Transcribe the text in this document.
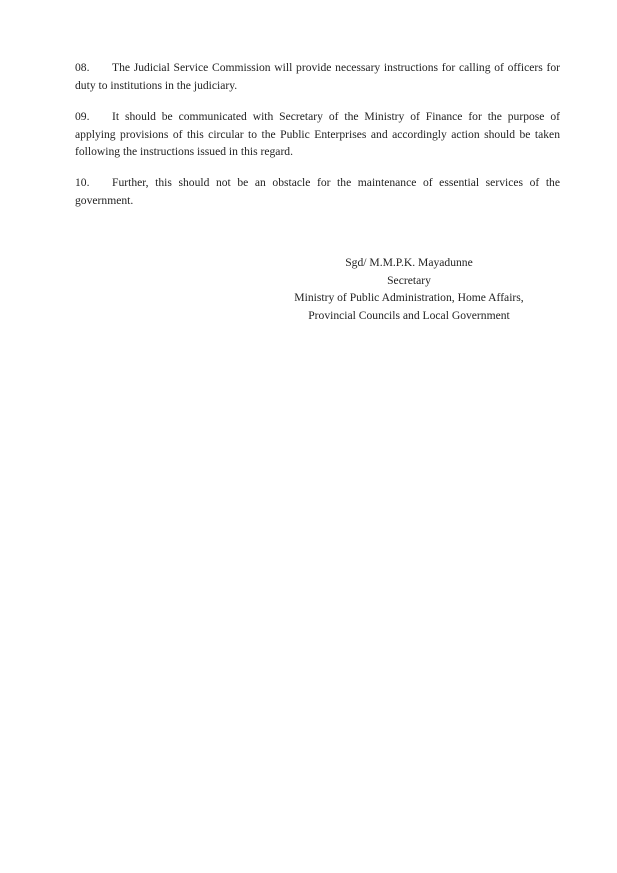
08. The Judicial Service Commission will provide necessary instructions for calling of officers for duty to institutions in the judiciary.

09. It should be communicated with Secretary of the Ministry of Finance for the purpose of applying provisions of this circular to the Public Enterprises and accordingly action should be taken following the instructions issued in this regard.

10. Further, this should not be an obstacle for the maintenance of essential services of the government.

Sgd/ M.M.P.K. Mayadunne
Secretary
Ministry of Public Administration, Home Affairs,
Provincial Councils and Local Government
